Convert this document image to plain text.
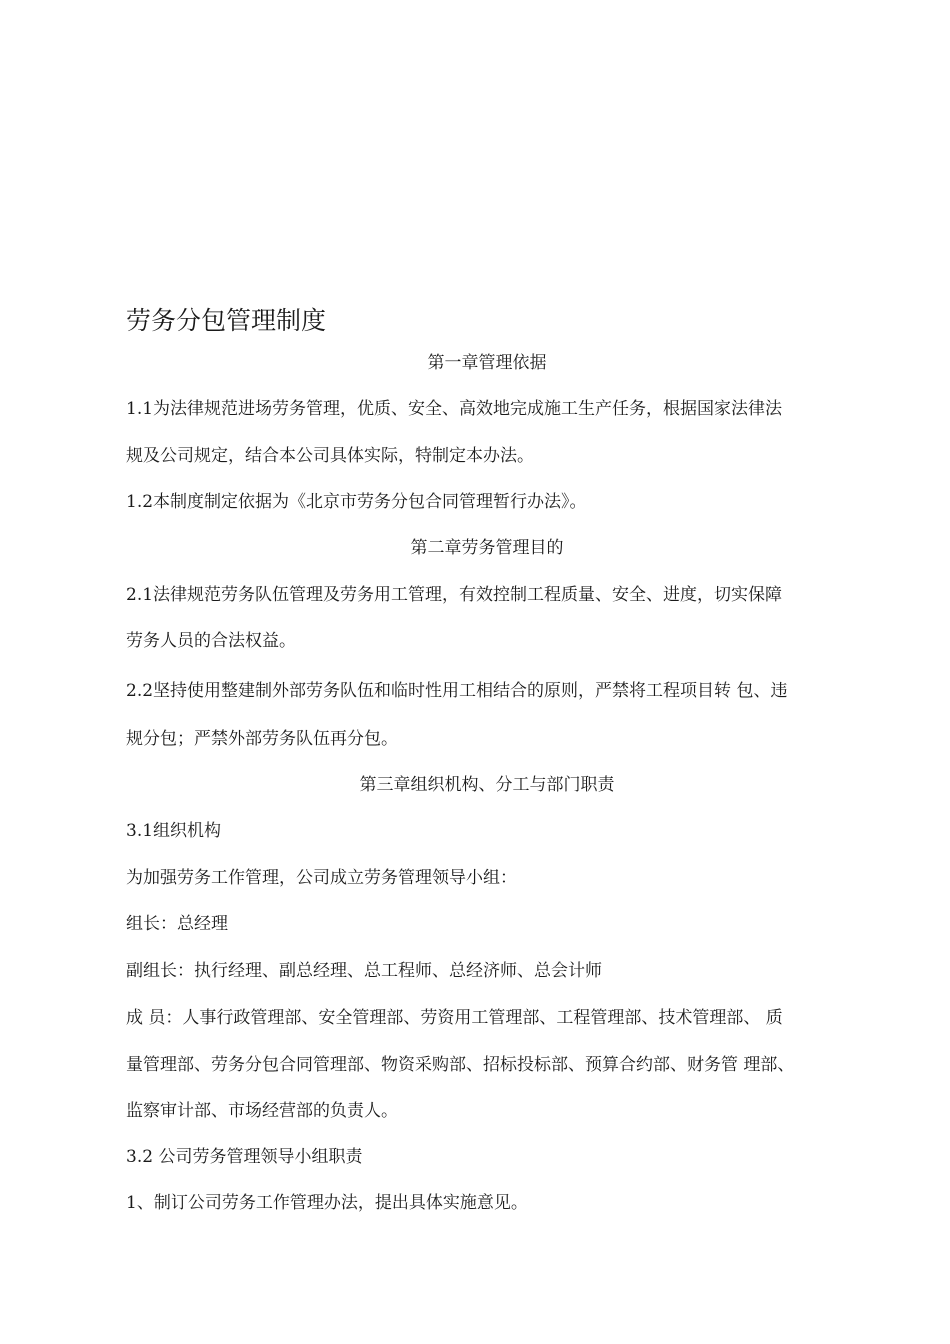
劳务分包管理制度
第一章管理依据
1.1为法律规范进场劳务管理，优质、安全、高效地完成施工生产任务，根据国家法律法
规及公司规定，结合本公司具体实际，特制定本办法。
1.2本制度制定依据为《北京市劳务分包合同管理暂行办法》。
第二章劳务管理目的
2.1法律规范劳务队伍管理及劳务用工管理，有效控制工程质量、安全、进度，切实保障
劳务人员的合法权益。
2.2坚持使用整建制外部劳务队伍和临时性用工相结合的原则，严禁将工程项目转 包、违
规分包；严禁外部劳务队伍再分包。
第三章组织机构、分工与部门职责
3.1组织机构
为加强劳务工作管理，公司成立劳务管理领导小组：
组长：总经理
副组长：执行经理、副总经理、总工程师、总经济师、总会计师
成 员：人事行政管理部、安全管理部、劳资用工管理部、工程管理部、技术管理部、 质
量管理部、劳务分包合同管理部、物资采购部、招标投标部、预算合约部、财务管 理部、
监察审计部、市场经营部的负责人。
3.2 公司劳务管理领导小组职责
1、制订公司劳务工作管理办法，提出具体实施意见。
